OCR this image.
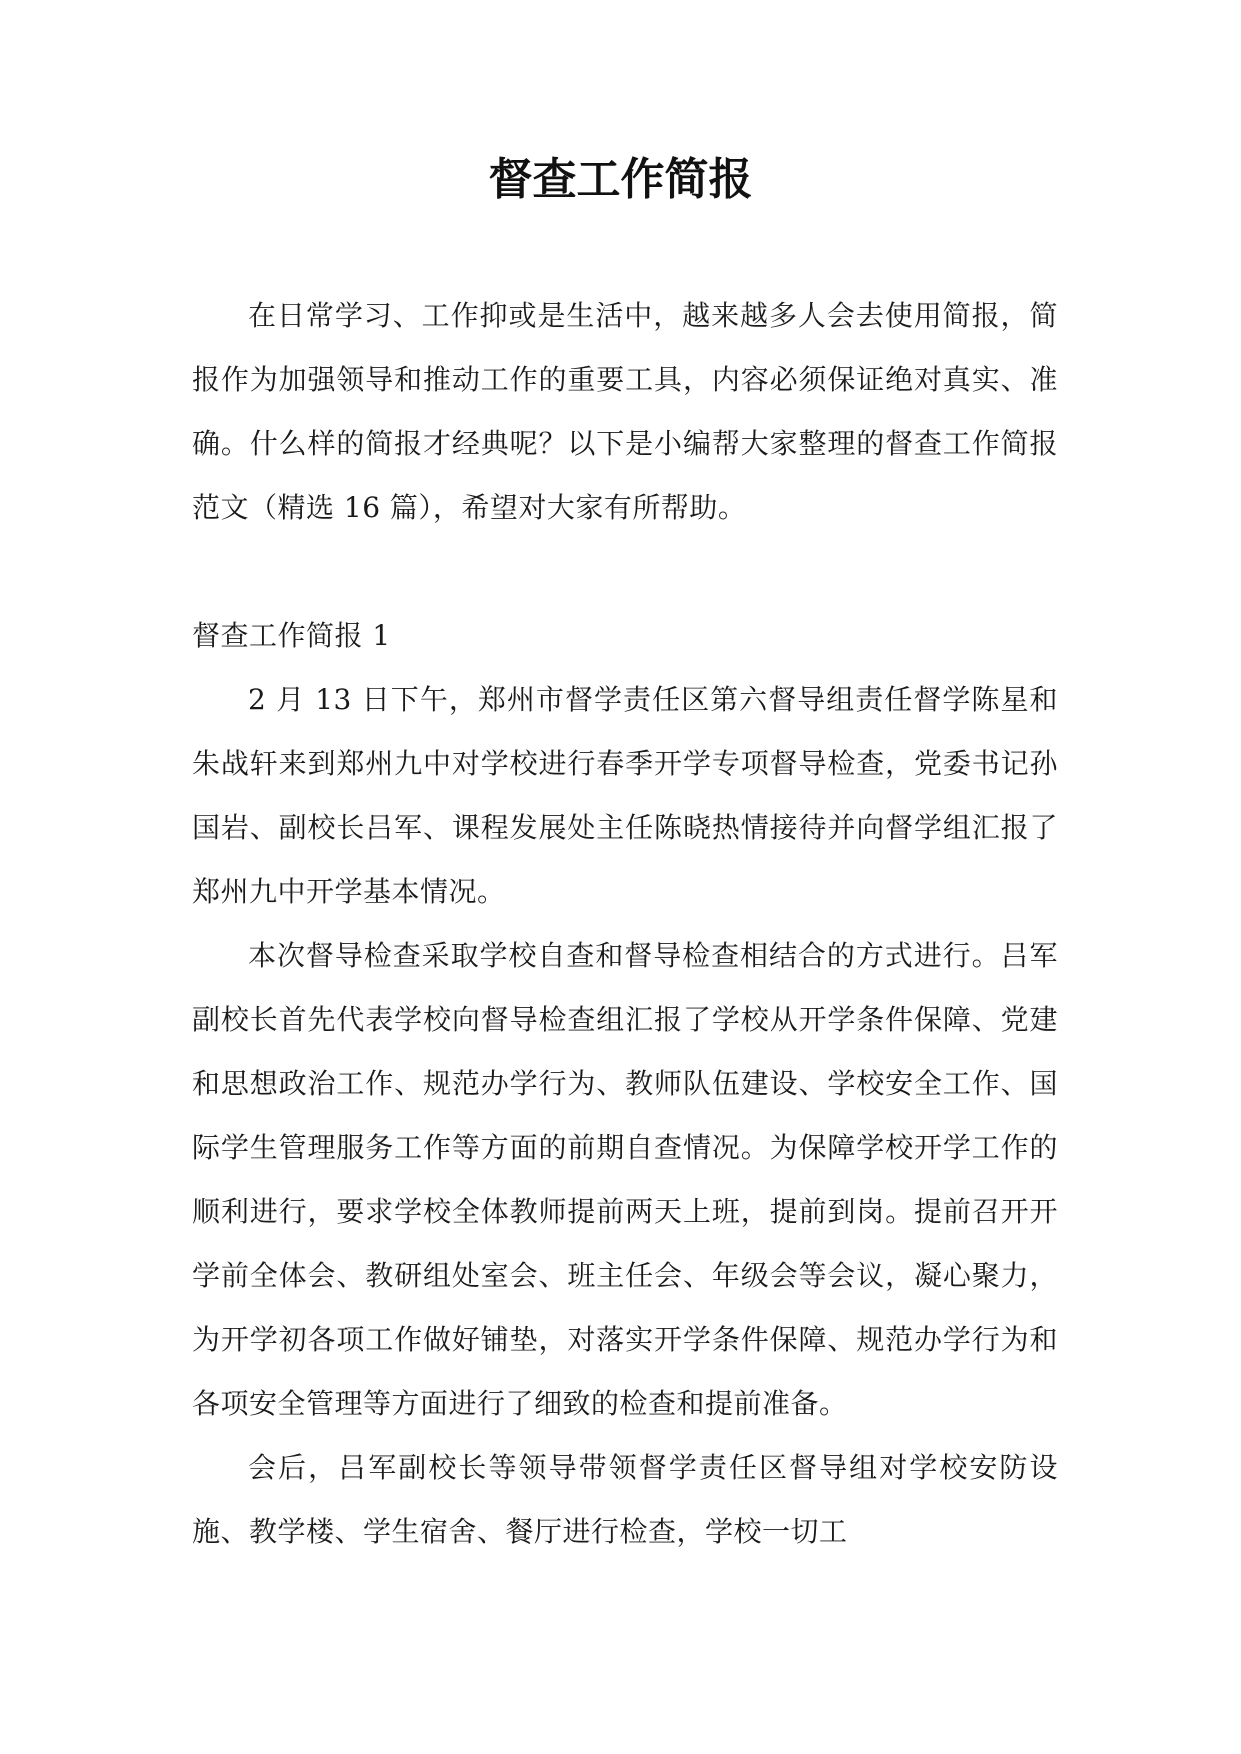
督查工作简报

在日常学习、工作抑或是生活中，越来越多人会去使用简报，简报作为加强领导和推动工作的重要工具，内容必须保证绝对真实、准确。什么样的简报才经典呢？以下是小编帮大家整理的督查工作简报范文（精选 16 篇），希望对大家有所帮助。

督查工作简报 1

2 月 13 日下午，郑州市督学责任区第六督导组责任督学陈星和朱战轩来到郑州九中对学校进行春季开学专项督导检查，党委书记孙国岩、副校长吕军、课程发展处主任陈晓热情接待并向督学组汇报了郑州九中开学基本情况。

本次督导检查采取学校自查和督导检查相结合的方式进行。吕军副校长首先代表学校向督导检查组汇报了学校从开学条件保障、党建和思想政治工作、规范办学行为、教师队伍建设、学校安全工作、国际学生管理服务工作等方面的前期自查情况。为保障学校开学工作的顺利进行，要求学校全体教师提前两天上班，提前到岗。提前召开开学前全体会、教研组处室会、班主任会、年级会等会议，凝心聚力，为开学初各项工作做好铺垫，对落实开学条件保障、规范办学行为和各项安全管理等方面进行了细致的检查和提前准备。

会后，吕军副校长等领导带领督学责任区督导组对学校安防设施、教学楼、学生宿舍、餐厅进行检查，学校一切工
